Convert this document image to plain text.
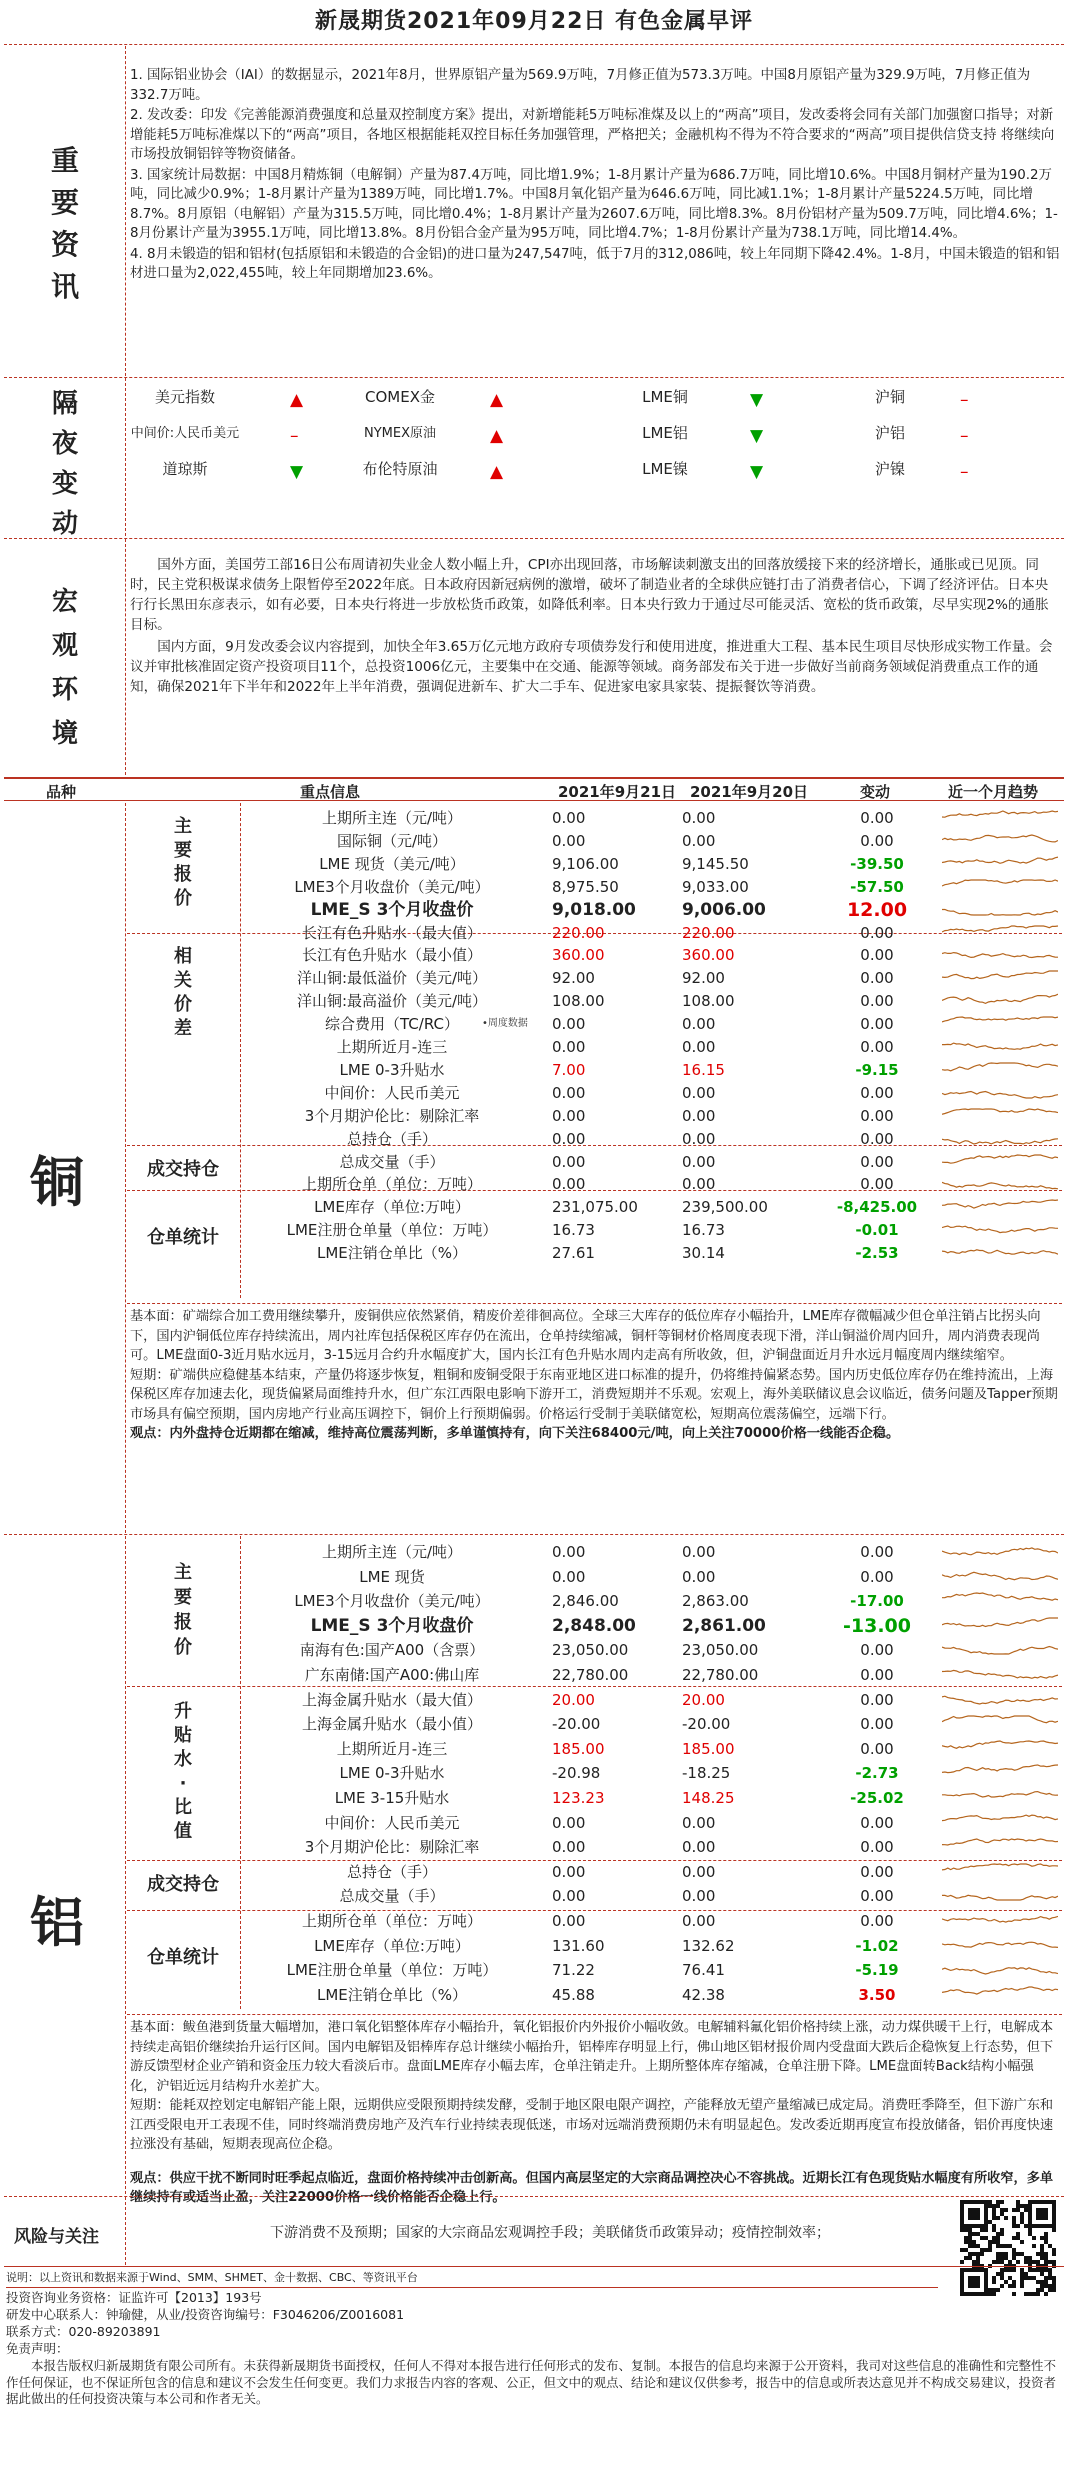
新晟期货2021年09月22日 有色金属早评
重
要
资
讯

1. 国际铝业协会（IAI）的数据显示，2021年8月，世界原铝产量为569.9万吨，7月修正值为573.3万吨。中国8月原铝产量为329.9万吨，7月修正值为332.7万吨。

2. 发改委：印发《完善能源消费强度和总量双控制度方案》提出，对新增能耗5万吨标准煤及以上的“两高”项目，发改委将会同有关部门加强窗口指导；对新增能耗5万吨标准煤以下的“两高”项目，各地区根据能耗双控目标任务加强管理，严格把关；金融机构不得为不符合要求的“两高”项目提供信贷支持 将继续向市场投放铜铝锌等物资储备。

3. 国家统计局数据：中国8月精炼铜（电解铜）产量为87.4万吨，同比增1.9%；1-8月累计产量为686.7万吨，同比增10.6%。中国8月铜材产量为190.2万吨，同比减少0.9%；1-8月累计产量为1389万吨，同比增1.7%。中国8月氧化铝产量为646.6万吨，同比减1.1%；1-8月累计产量5224.5万吨，同比增8.7%。8月原铝（电解铝）产量为315.5万吨，同比增0.4%；1-8月累计产量为2607.6万吨，同比增8.3%。8月份铝材产量为509.7万吨，同比增4.6%；1-8月份累计产量为3955.1万吨，同比增13.8%。8月份铝合金产量为95万吨，同比增4.7%；1-8月份累计产量为738.1万吨，同比增14.4%。

4. 8月未锻造的铝和铝材(包括原铝和未锻造的合金铝)的进口量为247,547吨，低于7月的312,086吨，较上年同期下降42.4%。1-8月，中国未锻造的铝和铝材进口量为2,022,455吨，较上年同期增加23.6%。

隔
夜
变
动
美元指数	▲	COMEX金	▲	LME铜	▼	沪铜	–
中间价:人民币美元	–	NYMEX原油	▲	LME铝	▼	沪铝	–
道琼斯	▼	布伦特原油	▲	LME镍	▼	沪镍	–
宏
观
环
境

国外方面，美国劳工部16日公布周请初失业金人数小幅上升，CPI亦出现回落，市场解读刺激支出的回落放缓接下来的经济增长，通胀或已见顶。同时，民主党积极谋求债务上限暂停至2022年底。日本政府因新冠病例的激增，破坏了制造业者的全球供应链打击了消费者信心，下调了经济评估。日本央行行长黑田东彦表示，如有必要，日本央行将进一步放松货币政策，如降低利率。日本央行致力于通过尽可能灵活、宽松的货币政策，尽早实现2%的通胀目标。

国内方面，9月发改委会议内容提到，加快全年3.65万亿元地方政府专项债券发行和使用进度，推进重大工程、基本民生项目尽快形成实物工作量。会议并审批核准固定资产投资项目11个，总投资1006亿元，主要集中在交通、能源等领域。商务部发布关于进一步做好当前商务领域促消费重点工作的通知，确保2021年下半年和2022年上半年消费，强调促进新车、扩大二手车、促进家电家具家装、提振餐饮等消费。

品种	重点信息	2021年9月21日 2021年9月20日	变动	近一个月趋势
铜
主
要
报
价
相
关
价
差
成交持仓
仓单统计
上期所主连（元/吨）	0.00	0.00	0.00
国际铜（元/吨）	0.00	0.00	0.00
LME 现货（美元/吨）	9,106.00	9,145.50	-39.50
LME3个月收盘价（美元/吨）	8,975.50	9,033.00	-57.50
LME_S 3个月收盘价	9,018.00	9,006.00	12.00
长江有色升贴水（最大值）	220.00	220.00	0.00
长江有色升贴水（最小值）	360.00	360.00	0.00
洋山铜:最低溢价（美元/吨）	92.00	92.00	0.00
洋山铜:最高溢价（美元/吨）	108.00	108.00	0.00
综合费用（TC/RC）	0.00	0.00	0.00
•周度数据
上期所近月-连三	0.00	0.00	0.00
LME 0-3升贴水	7.00	16.15	-9.15
中间价：人民币美元	0.00	0.00	0.00
3个月期沪伦比：剔除汇率	0.00	0.00	0.00
总持仓（手）	0.00	0.00	0.00
总成交量（手）	0.00	0.00	0.00
上期所仓单（单位：万吨）	0.00	0.00	0.00
LME库存（单位:万吨）	231,075.00	239,500.00	-8,425.00
LME注册仓单量（单位：万吨）	16.73	16.73	-0.01
LME注销仓单比（%）	27.61	30.14	-2.53

基本面：矿端综合加工费用继续攀升，废铜供应依然紧俏，精废价差徘徊高位。全球三大库存的低位库存小幅抬升，LME库存微幅减少但仓单注销占比拐头向下，国内沪铜低位库存持续流出，周内社库包括保税区库存仍在流出，仓单持续缩减，铜杆等铜材价格周度表现下滑，洋山铜溢价周内回升，周内消费表现尚可。LME盘面0-3近月贴水远月，3-15远月合约升水幅度扩大，国内长江有色升贴水周内走高有所收敛，但，沪铜盘面近月升水远月幅度周内继续缩窄。

短期：矿端供应稳健基本结束，产量仍将逐步恢复，粗铜和废铜受限于东南亚地区进口标准的提升，仍将维持偏紧态势。国内历史低位库存仍在维持流出，上海保税区库存加速去化，现货偏紧局面维持升水，但广东江西限电影响下游开工，消费短期并不乐观。宏观上，海外美联储议息会议临近，债务问题及Tapper预期市场具有偏空预期，国内房地产行业高压调控下，铜价上行预期偏弱。价格运行受制于美联储宽松，短期高位震荡偏空，远端下行。

观点：内外盘持仓近期都在缩减，维持高位震荡判断，多单谨慎持有，向下关注68400元/吨，向上关注70000价格一线能否企稳。

铝
主
要
报
价
升
贴
水
·
比
值
成交持仓
仓单统计
上期所主连（元/吨）	0.00	0.00	0.00
LME 现货	0.00	0.00	0.00
LME3个月收盘价（美元/吨）	2,846.00	2,863.00	-17.00
LME_S 3个月收盘价	2,848.00	2,861.00	-13.00
南海有色:国产A00（含票）	23,050.00	23,050.00	0.00
广东南储:国产A00:佛山库	22,780.00	22,780.00	0.00
上海金属升贴水（最大值）	20.00	20.00	0.00
上海金属升贴水（最小值）	-20.00	-20.00	0.00
上期所近月-连三	185.00	185.00	0.00
LME 0-3升贴水	-20.98	-18.25	-2.73
LME 3-15升贴水	123.23	148.25	-25.02
中间价：人民币美元	0.00	0.00	0.00
3个月期沪伦比：剔除汇率	0.00	0.00	0.00
总持仓（手）	0.00	0.00	0.00
总成交量（手）	0.00	0.00	0.00
上期所仓单（单位：万吨）	0.00	0.00	0.00
LME库存（单位:万吨）	131.60	132.62	-1.02
LME注册仓单量（单位：万吨）	71.22	76.41	-5.19
LME注销仓单比（%）	45.88	42.38	3.50

基本面：鲅鱼港到货量大幅增加，港口氧化铝整体库存小幅抬升，氧化铝报价内外报价小幅收敛。电解辅料氟化铝价格持续上涨，动力煤供暖干上行，电解成本持续走高铝价继续抬升运行区间。国内电解铝及铝棒库存总计继续小幅抬升，铝棒库存明显上行，佛山地区铝材报价周内受盘面大跌后企稳恢复上行态势，但下游反馈型材企业产销和资金压力较大看淡后市。盘面LME库存小幅去库，仓单注销走升。上期所整体库存缩减，仓单注册下降。LME盘面转Back结构小幅强化，沪铝近远月结构升水差扩大。

短期：能耗双控划定电解铝产能上限，远期供应受限预期持续发酵，受制于地区限电限产调控，产能释放无望产量缩减已成定局。消费旺季降至，但下游广东和江西受限电开工表现不佳，同时终端消费房地产及汽车行业持续表现低迷，市场对远端消费预期仍未有明显起色。发改委近期再度宣布投放储备，铝价再度快速拉涨没有基础，短期表现高位企稳。

观点：供应干扰不断同时旺季起点临近，盘面价格持续冲击创新高。但国内高层坚定的大宗商品调控决心不容挑战。近期长江有色现货贴水幅度有所收窄，多单继续持有或适当止盈，关注22000价格一线价格能否企稳上行。

风险与关注	下游消费不及预期；国家的大宗商品宏观调控手段；美联储货币政策异动；疫情控制效率；
说明：以上资讯和数据来源于Wind、SMM、SHMET、金十数据、CBC、等资讯平台
投资咨询业务资格：证监许可【2013】193号
研发中心联系人：钟瑜健，从业/投资咨询编号：F3046206/Z0016081
联系方式：020-89203891
免责声明：
本报告版权归新晟期货有限公司所有。未获得新晟期货书面授权，任何人不得对本报告进行任何形式的发布、复制。本报告的信息均来源于公开资料，我司对这些信息的准确性和完整性不作任何保证，也不保证所包含的信息和建议不会发生任何变更。我们力求报告内容的客观、公正，但文中的观点、结论和建议仅供参考，报告中的信息或所表达意见并不构成交易建议，投资者据此做出的任何投资决策与本公司和作者无关。
